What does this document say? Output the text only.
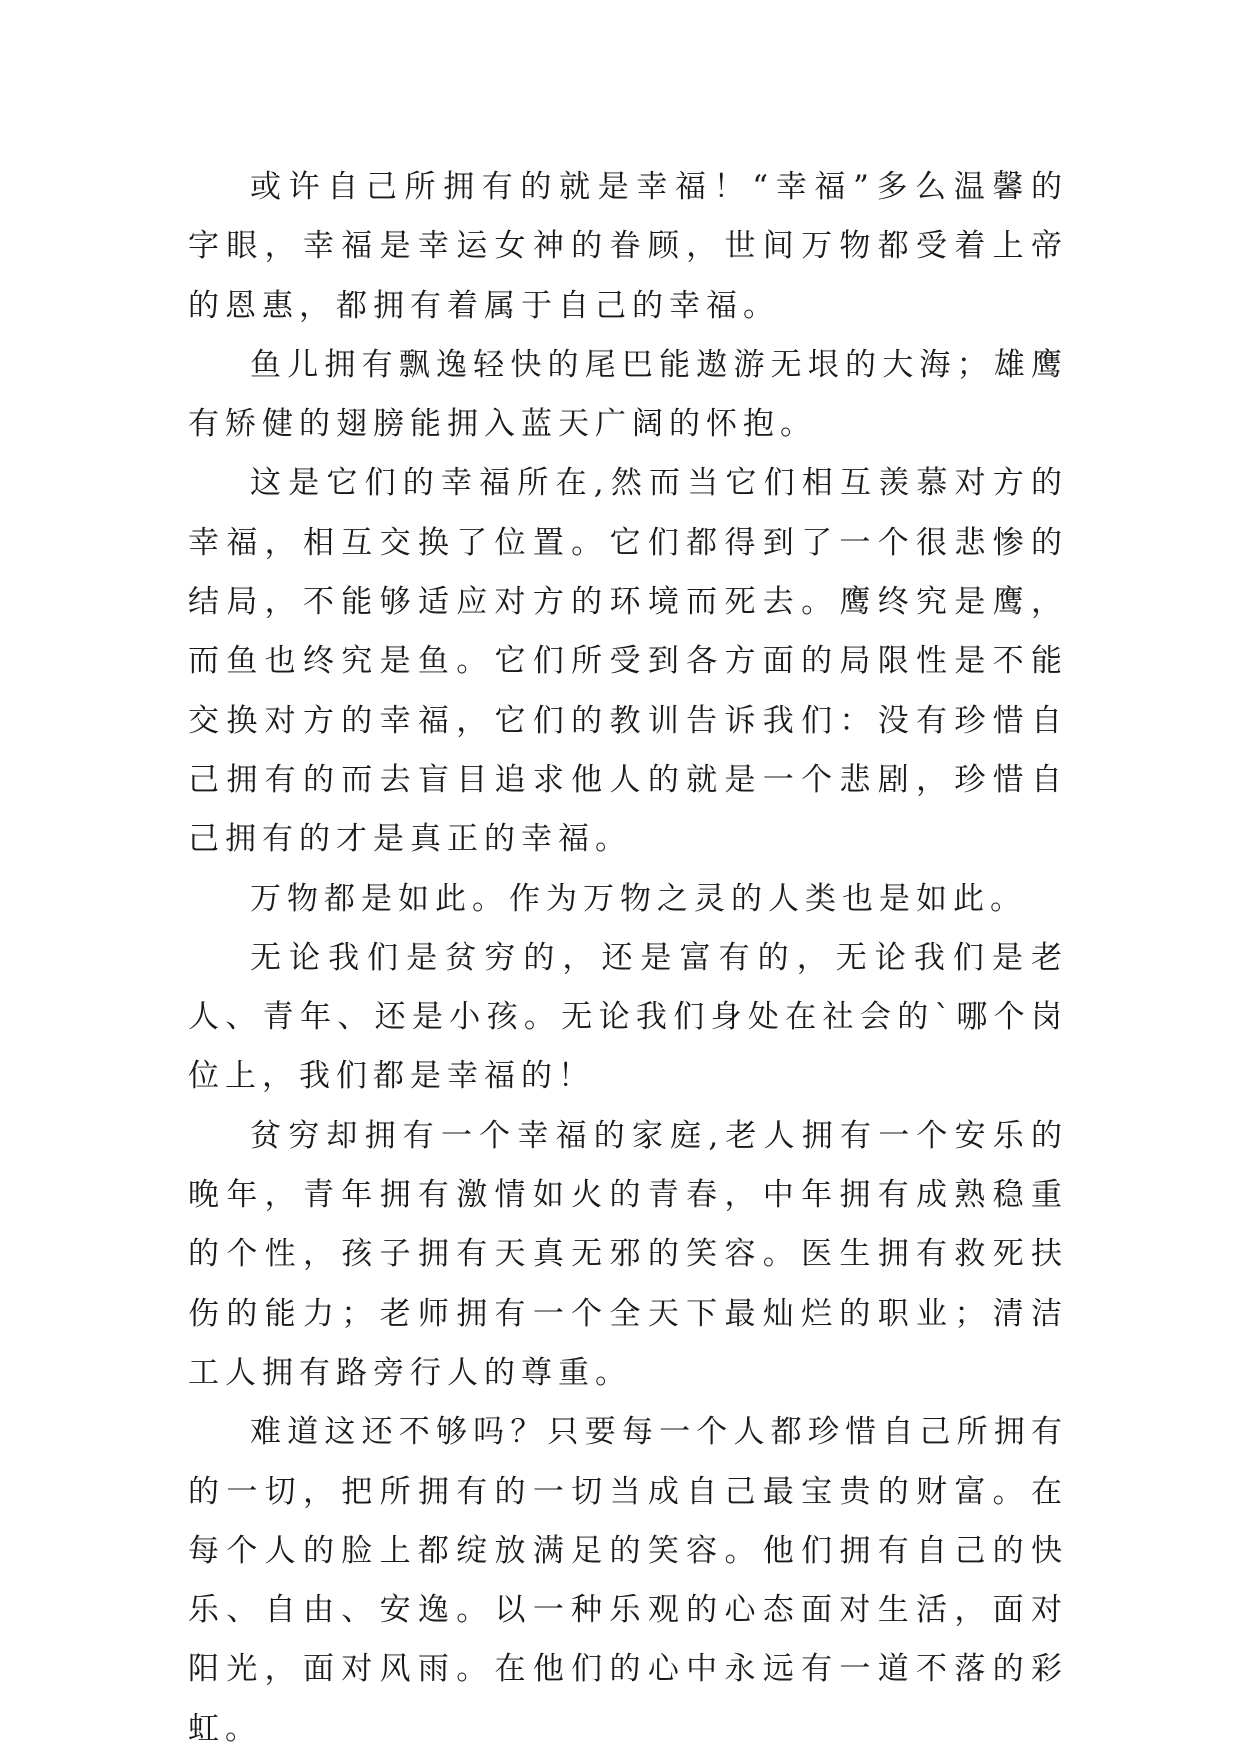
或许自己所拥有的就是幸福！“幸福”多么温馨的字眼，幸福是幸运女神的眷顾，世间万物都受着上帝的恩惠，都拥有着属于自己的幸福。

鱼儿拥有飘逸轻快的尾巴能遨游无垠的大海；雄鹰有矫健的翅膀能拥入蓝天广阔的怀抱。

这是它们的幸福所在,然而当它们相互羡慕对方的幸福，相互交换了位置。它们都得到了一个很悲惨的结局，不能够适应对方的环境而死去。鹰终究是鹰，而鱼也终究是鱼。它们所受到各方面的局限性是不能交换对方的幸福，它们的教训告诉我们：没有珍惜自己拥有的而去盲目追求他人的就是一个悲剧，珍惜自己拥有的才是真正的幸福。

万物都是如此。作为万物之灵的人类也是如此。

无论我们是贫穷的，还是富有的，无论我们是老人、青年、还是小孩。无论我们身处在社会的`哪个岗位上，我们都是幸福的！

贫穷却拥有一个幸福的家庭,老人拥有一个安乐的晚年，青年拥有激情如火的青春，中年拥有成熟稳重的个性，孩子拥有天真无邪的笑容。医生拥有救死扶伤的能力；老师拥有一个全天下最灿烂的职业；清洁工人拥有路旁行人的尊重。

难道这还不够吗？只要每一个人都珍惜自己所拥有的一切，把所拥有的一切当成自己最宝贵的财富。在每个人的脸上都绽放满足的笑容。他们拥有自己的快乐、自由、安逸。以一种乐观的心态面对生活，面对阳光，面对风雨。在他们的心中永远有一道不落的彩虹。
